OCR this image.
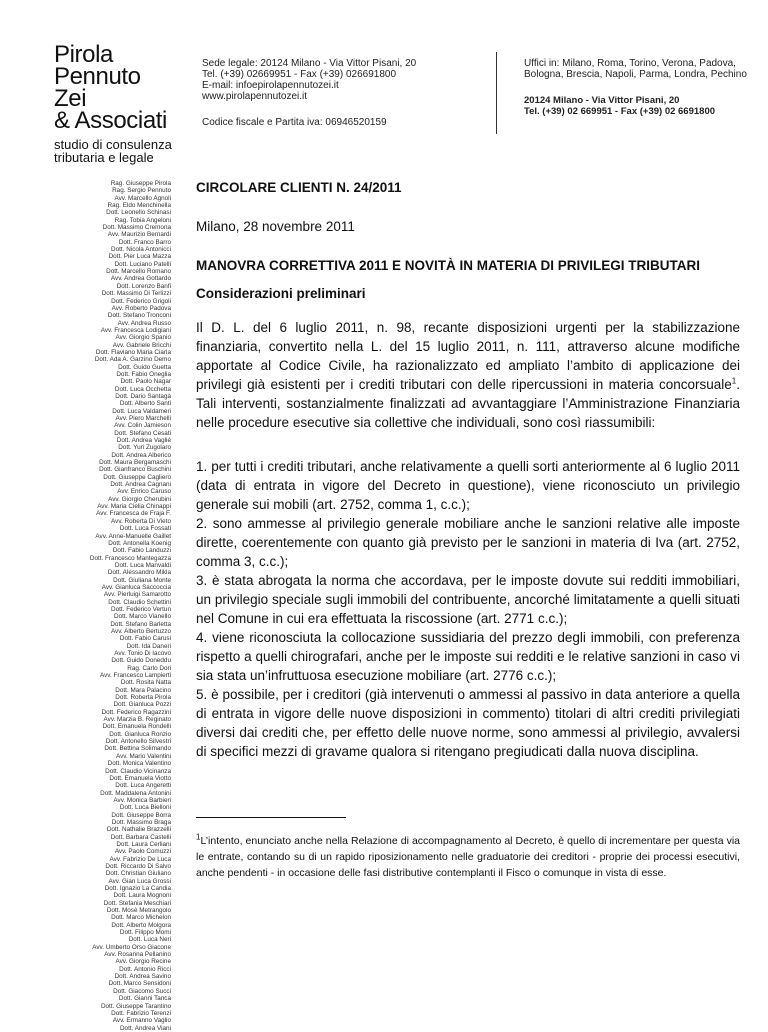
Pirola
Pennuto
Zei
& Associati
studio di consulenza
tributaria e legale
Sede legale: 20124 Milano - Via Vittor Pisani, 20
Tel. (+39) 02669951 - Fax (+39) 026691800
E-mail: infoepirolapennutozei.it
www.pirolapennutozei.it
Codice fiscale e Partita iva: 06946520159
Uffici in: Milano, Roma, Torino, Verona, Padova,
Bologna, Brescia, Napoli, Parma, Londra, Pechino
20124 Milano - Via Vittor Pisani, 20
Tel. (+39) 02 669951 - Fax (+39) 02 6691800
Rag. Giuseppe Pirola
Rag. Sergio Pennuto
Avv. Marcello Agnoli
Rag. Eldo Menchinella
Dott. Leonello Schinasi
Rag. Tobia Angeloni
Dott. Massimo Cremona
Avv. Maurizio Bernardi
Dott. Franco Barro
Dott. Nicola Antonicci
Dott. Pier Luca Mazza
Dott. Luciano Patelli
Dott. Marcello Romano
Avv. Andrea Gottardo
Dott. Lorenzo Banfi
Dott. Massimo Di Terlizzi
Dott. Federico Grigoli
Avv. Roberto Padova
Dott. Stefano Tronconi
Avv. Andrea Russo
Avv. Francesca Lodigiani
Avv. Giorgio Spanio
Avv. Gabriele Bricchi
Dott. Flaviano Maria Ciarla
Dott. Ada A. Garzino Demo
Dott. Guido Guetta
Dott. Fabio Oneglia
Dott. Paolo Nagar
Dott. Luca Occhetta
Dott. Dario Santagà
Dott. Alberto Santi
Dott. Luca Valdameri
Avv. Piero Marchelli
Avv. Colin Jamieson
Dott. Stefano Cesati
Dott. Andrea Vaglié
Dott. Yuri Zugolaro
Dott. Andrea Alberico
Dott. Maura Bergamaschi
Dott. Gianfranco Buschini
Dott. Giuseppe Cagliero
Dott. Andrea Cagnani
Avv. Enrico Caruso
Avv. Giorgio Cherubini
Avv. Maria Cielia Chinappi
Avv. Francesca de Fraja F.
Avv. Roberta Di Vieto
Dott. Luca Fossati
Avv. Anne-Manuelle Gaillet
Dott. Antonella Koenig
Dott. Fabio Landuzzi
Dott. Francesco Mantegazza
Dott. Luca Manvaldi
Dott. Alessandro Mikla
Dott. Giuliana Monte
Avv. Gianluca Saccoccia
Avv. Pierluigi Samarotto
Dott. Claudio Schettini
Dott. Federico Vertun
Dott. Marco Vianello
Dott. Stefano Barletta
Avv. Alberto Bertuzzo
Dott. Fabio Carusi
Dott. Ida Daneri
Avv. Tonio Di Iacovo
Dott. Guido Doneddu
Rag. Carlo Dori
Avv. Francesco Lampierti
Dott. Rosita Natta
Dott. Mara Palacino
Dott. Roberta Pirola
Dott. Gianluca Pozzi
Dott. Federico Ragazzini
Avv. Marzia B. Reginato
Dott. Emanuela Rondelli
Dott. Gianluca Ronzio
Dott. Antonello Silvestri
Dott. Bettina Solimando
Avv. Mario Valentini
Dott. Monica Valentino
Dott. Claudio Vicinanza
Dott. Emanuela Viotto
Dott. Luca Angeretti
Dott. Maddalena Antonini
Avv. Monica Barbieri
Dott. Luca Bielloni
Dott. Giuseppe Borra
Dott. Massimo Braga
Dott. Nathalie Brazzelli
Dott. Barbara Castelli
Dott. Laura Cerliani
Avv. Paolo Comuzzi
Avv. Fabrizio De Luca
Dott. Riccardo Di Salvo
Dott. Christian Giuliano
Avv. Gian Luca Grossi
Dott. Ignazio La Candia
Dott. Laura Mognoni
Dott. Stefania Meschiari
Dott. Mosè Metrangolo
Dott. Marco Michelon
Dott. Alberto Molgora
Dott. Filippo Momi
Dott. Luca Neri
Avv. Umberto Orso Giacone
Avv. Rosanna Pellanino
Avv. Giorgio Recine
Dott. Antonio Ricci
Dott. Andrea Savino
Dott. Marco Sensidoni
Dott. Giacomo Succi
Dott. Gianni Tanca
Dott. Giuseppe Tarantino
Dott. Fabrizio Terenzi
Avv. Ermanno Vaglio
Dott. Andrea Viani
CIRCOLARE CLIENTI N. 24/2011
Milano, 28 novembre 2011
MANOVRA CORRETTIVA 2011 E NOVITÀ IN MATERIA DI PRIVILEGI TRIBUTARI
Considerazioni preliminari
Il D. L. del 6 luglio 2011, n. 98, recante disposizioni urgenti per la stabilizzazione finanziaria, convertito nella L. del 15 luglio 2011, n. 111, attraverso alcune modifiche apportate al Codice Civile, ha razionalizzato ed ampliato l’ambito di applicazione dei privilegi già esistenti per i crediti tributari con delle ripercussioni in materia concorsuale$^1$. Tali interventi, sostanzialmente finalizzati ad avvantaggiare l’Amministrazione Finanziaria nelle procedure esecutive sia collettive che individuali, sono così riassumibili:
1. per tutti i crediti tributari, anche relativamente a quelli sorti anteriormente al 6 luglio 2011 (data di entrata in vigore del Decreto in questione), viene riconosciuto un privilegio generale sui mobili (art. 2752, comma 1, c.c.);
2. sono ammesse al privilegio generale mobiliare anche le sanzioni relative alle imposte dirette, coerentemente con quanto già previsto per le sanzioni in materia di Iva (art. 2752, comma 3, c.c.);
3. è stata abrogata la norma che accordava, per le imposte dovute sui redditi immobiliari, un privilegio speciale sugli immobili del contribuente, ancorché limitatamente a quelli situati nel Comune in cui era effettuata la riscossione (art. 2771 c.c.);
4. viene riconosciuta la collocazione sussidiaria del prezzo degli immobili, con preferenza rispetto a quelli chirografari, anche per le imposte sui redditi e le relative sanzioni in caso vi sia stata un’infruttuosa esecuzione mobiliare (art. 2776 c.c.);
5. è possibile, per i creditori (già intervenuti o ammessi al passivo in data anteriore a quella di entrata in vigore delle nuove disposizioni in commento) titolari di altri crediti privilegiati diversi dai crediti che, per effetto delle nuove norme, sono ammessi al privilegio, avvalersi di specifici mezzi di gravame qualora si ritengano pregiudicati dalla nuova disciplina.
$^1$L’intento, enunciato anche nella Relazione di accompagnamento al Decreto, è quello di incrementare per questa via le entrate, contando su di un rapido riposizionamento nelle graduatorie dei creditori - proprie dei processi esecutivi, anche pendenti - in occasione delle fasi distributive contemplanti il Fisco o comunque in vista di esse.
